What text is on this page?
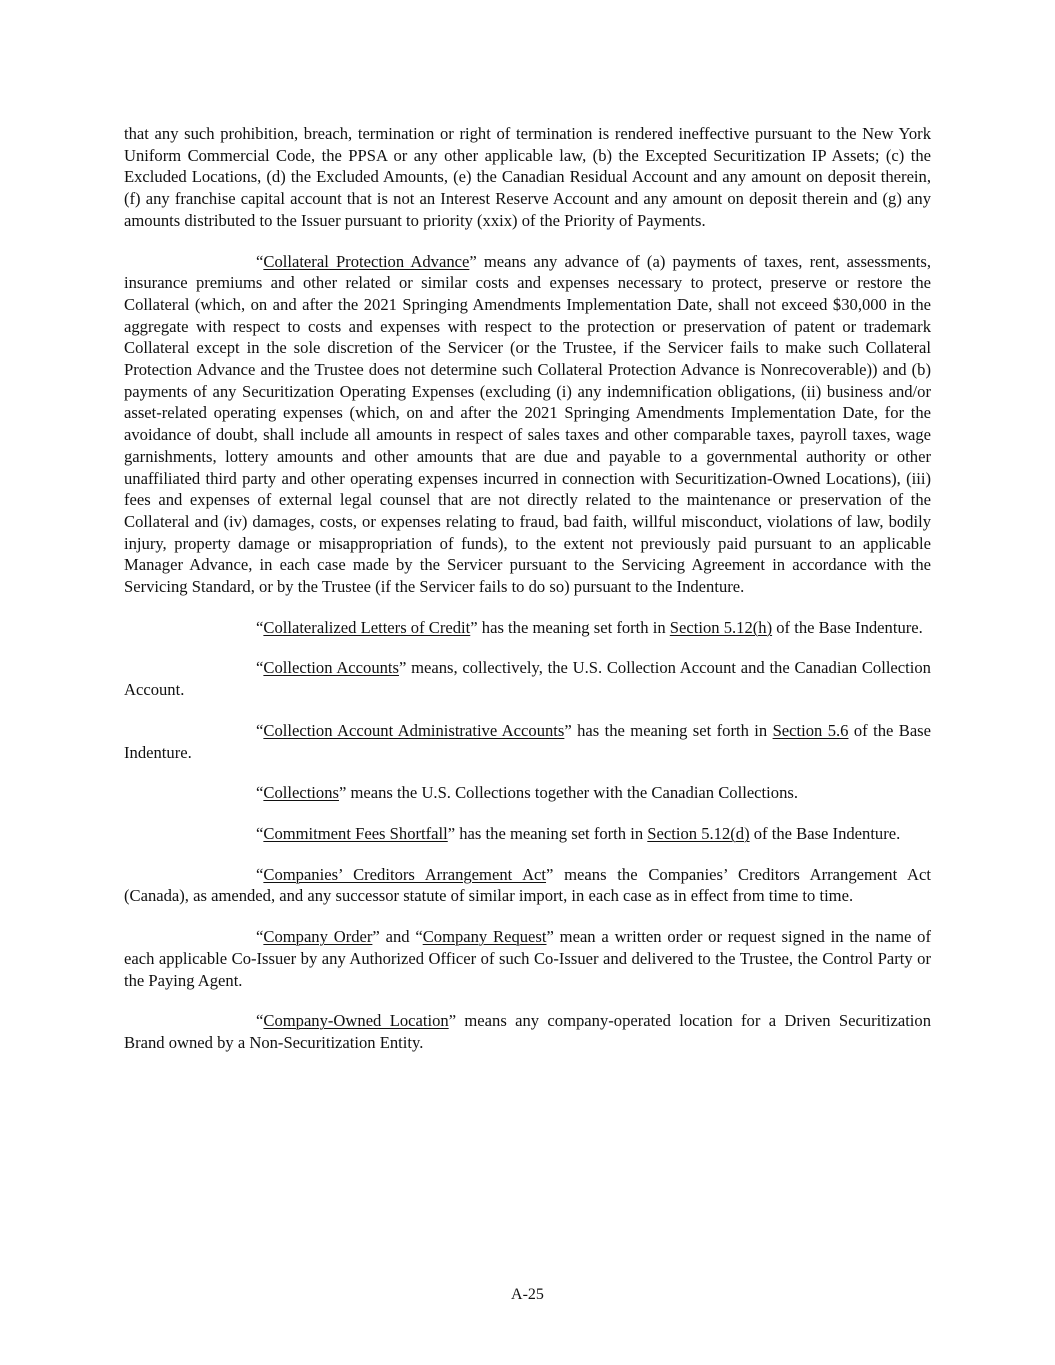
that any such prohibition, breach, termination or right of termination is rendered ineffective pursuant to the New York Uniform Commercial Code, the PPSA or any other applicable law, (b) the Excepted Securitization IP Assets; (c) the Excluded Locations, (d) the Excluded Amounts, (e) the Canadian Residual Account and any amount on deposit therein, (f) any franchise capital account that is not an Interest Reserve Account and any amount on deposit therein and (g) any amounts distributed to the Issuer pursuant to priority (xxix) of the Priority of Payments.

“Collateral Protection Advance” means any advance of (a) payments of taxes, rent, assessments, insurance premiums and other related or similar costs and expenses necessary to protect, preserve or restore the Collateral (which, on and after the 2021 Springing Amendments Implementation Date, shall not exceed $30,000 in the aggregate with respect to costs and expenses with respect to the protection or preservation of patent or trademark Collateral except in the sole discretion of the Servicer (or the Trustee, if the Servicer fails to make such Collateral Protection Advance and the Trustee does not determine such Collateral Protection Advance is Nonrecoverable)) and (b) payments of any Securitization Operating Expenses (excluding (i) any indemnification obligations, (ii) business and/or asset-related operating expenses (which, on and after the 2021 Springing Amendments Implementation Date, for the avoidance of doubt, shall include all amounts in respect of sales taxes and other comparable taxes, payroll taxes, wage garnishments, lottery amounts and other amounts that are due and payable to a governmental authority or other unaffiliated third party and other operating expenses incurred in connection with Securitization-Owned Locations), (iii) fees and expenses of external legal counsel that are not directly related to the maintenance or preservation of the Collateral and (iv) damages, costs, or expenses relating to fraud, bad faith, willful misconduct, violations of law, bodily injury, property damage or misappropriation of funds), to the extent not previously paid pursuant to an applicable Manager Advance, in each case made by the Servicer pursuant to the Servicing Agreement in accordance with the Servicing Standard, or by the Trustee (if the Servicer fails to do so) pursuant to the Indenture.

“Collateralized Letters of Credit” has the meaning set forth in Section 5.12(h) of the Base Indenture.

“Collection Accounts” means, collectively, the U.S. Collection Account and the Canadian Collection Account.

“Collection Account Administrative Accounts” has the meaning set forth in Section 5.6 of the Base Indenture.

“Collections” means the U.S. Collections together with the Canadian Collections.

“Commitment Fees Shortfall” has the meaning set forth in Section 5.12(d) of the Base Indenture.

“Companies’ Creditors Arrangement Act” means the Companies’ Creditors Arrangement Act (Canada), as amended, and any successor statute of similar import, in each case as in effect from time to time.

“Company Order” and “Company Request” mean a written order or request signed in the name of each applicable Co-Issuer by any Authorized Officer of such Co-Issuer and delivered to the Trustee, the Control Party or the Paying Agent.

“Company-Owned Location” means any company-operated location for a Driven Securitization Brand owned by a Non-Securitization Entity.

A-25
